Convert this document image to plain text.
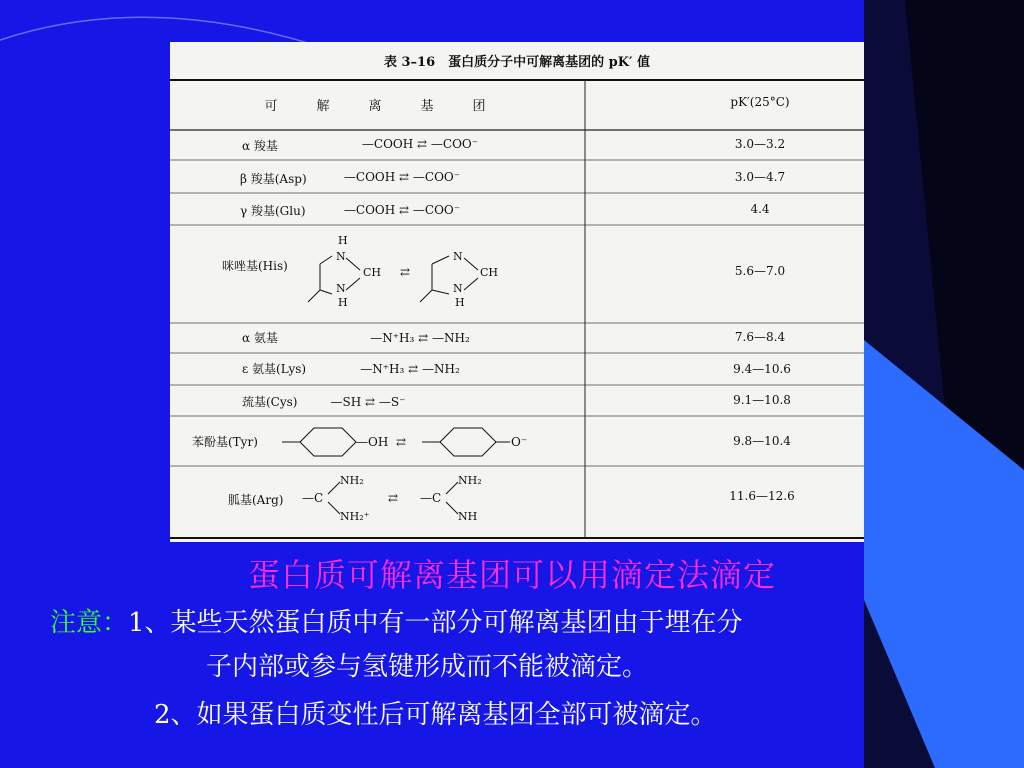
表 3–16　蛋白质分子中可解离基团的 pK′ 值
可　　　解　　　离　　　基　　　团	pK′(25°C)
α 羧基
β 羧基(Asp)
γ 羧基(Glu)
咪唑基(His)
α 氨基
ε 氨基(Lys)
巯基(Cys)
苯酚基(Tyr)
胍基(Arg)
—COOH ⇄ —COO⁻
—COOH ⇄ —COO⁻
—COOH ⇄ —COO⁻
—N⁺H₃ ⇄ —NH₂
—N⁺H₃ ⇄ —NH₂
—SH ⇄ —S⁻
H
N
CH
N
H
⇄
N
CH
N
H
—OH ⇄	O⁻
—C
NH₂
NH₂⁺
⇄ —C
NH₂
NH
3.0—3.2
3.0—4.7
4.4
5.6—7.0
7.6—8.4
9.4—10.6
9.1—10.8
9.8—10.4
11.6—12.6
蛋白质可解离基团可以用滴定法滴定
注意：1、某些天然蛋白质中有一部分可解离基团由于埋在分
子内部或参与氢键形成而不能被滴定。
2、如果蛋白质变性后可解离基团全部可被滴定。
